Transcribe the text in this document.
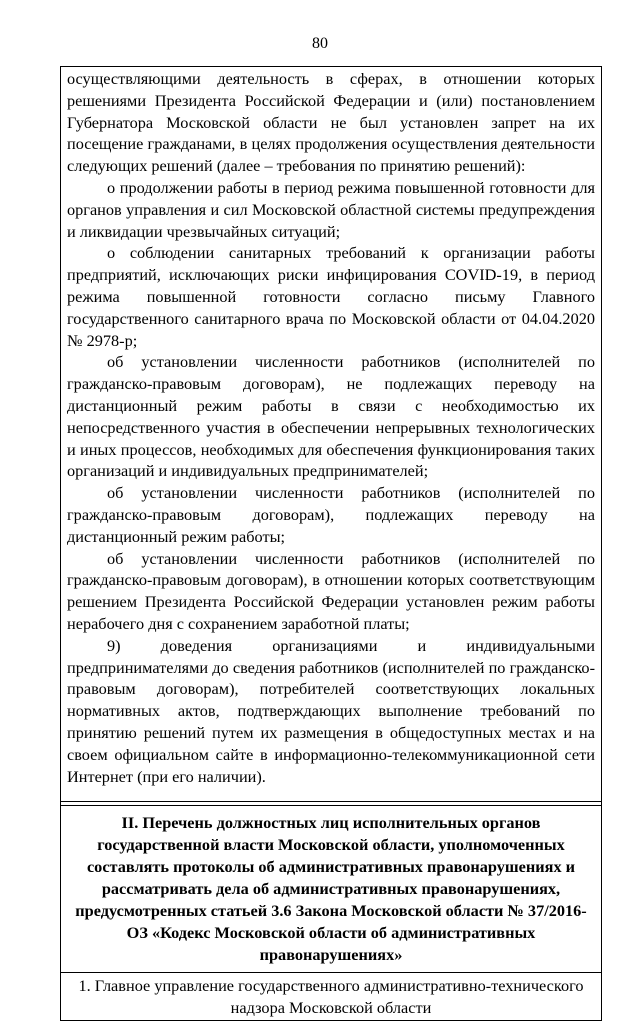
80

осуществляющими деятельность в сферах, в отношении которых решениями Президента Российской Федерации и (или) постановлением Губернатора Московской области не был установлен запрет на их посещение гражданами, в целях продолжения осуществления деятельности следующих решений (далее – требования по принятию решений):

о продолжении работы в период режима повышенной готовности для органов управления и сил Московской областной системы предупреждения и ликвидации чрезвычайных ситуаций;

о соблюдении санитарных требований к организации работы предприятий, исключающих риски инфицирования COVID-19, в период режима повышенной готовности согласно письму Главного государственного санитарного врача по Московской области от 04.04.2020 № 2978-р;

об установлении численности работников (исполнителей по гражданско-правовым договорам), не подлежащих переводу на дистанционный режим работы в связи с необходимостью их непосредственного участия в обеспечении непрерывных технологических и иных процессов, необходимых для обеспечения функционирования таких организаций и индивидуальных предпринимателей;

об установлении численности работников (исполнителей по гражданско-правовым договорам), подлежащих переводу на дистанционный режим работы;

об установлении численности работников (исполнителей по гражданско-правовым договорам), в отношении которых соответствующим решением Президента Российской Федерации установлен режим работы нерабочего дня с сохранением заработной платы;

9) доведения организациями и индивидуальными предпринимателями до сведения работников (исполнителей по гражданско-правовым договорам), потребителей соответствующих локальных нормативных актов, подтверждающих выполнение требований по принятию решений путем их размещения в общедоступных местах и на своем официальном сайте в информационно-телекоммуникационной сети Интернет (при его наличии).

II. Перечень должностных лиц исполнительных органов государственной власти Московской области, уполномоченных составлять протоколы об административных правонарушениях и рассматривать дела об административных правонарушениях, предусмотренных статьей 3.6 Закона Московской области № 37/2016-ОЗ «Кодекс Московской области об административных правонарушениях»
1. Главное управление государственного административно-технического надзора Московской области
